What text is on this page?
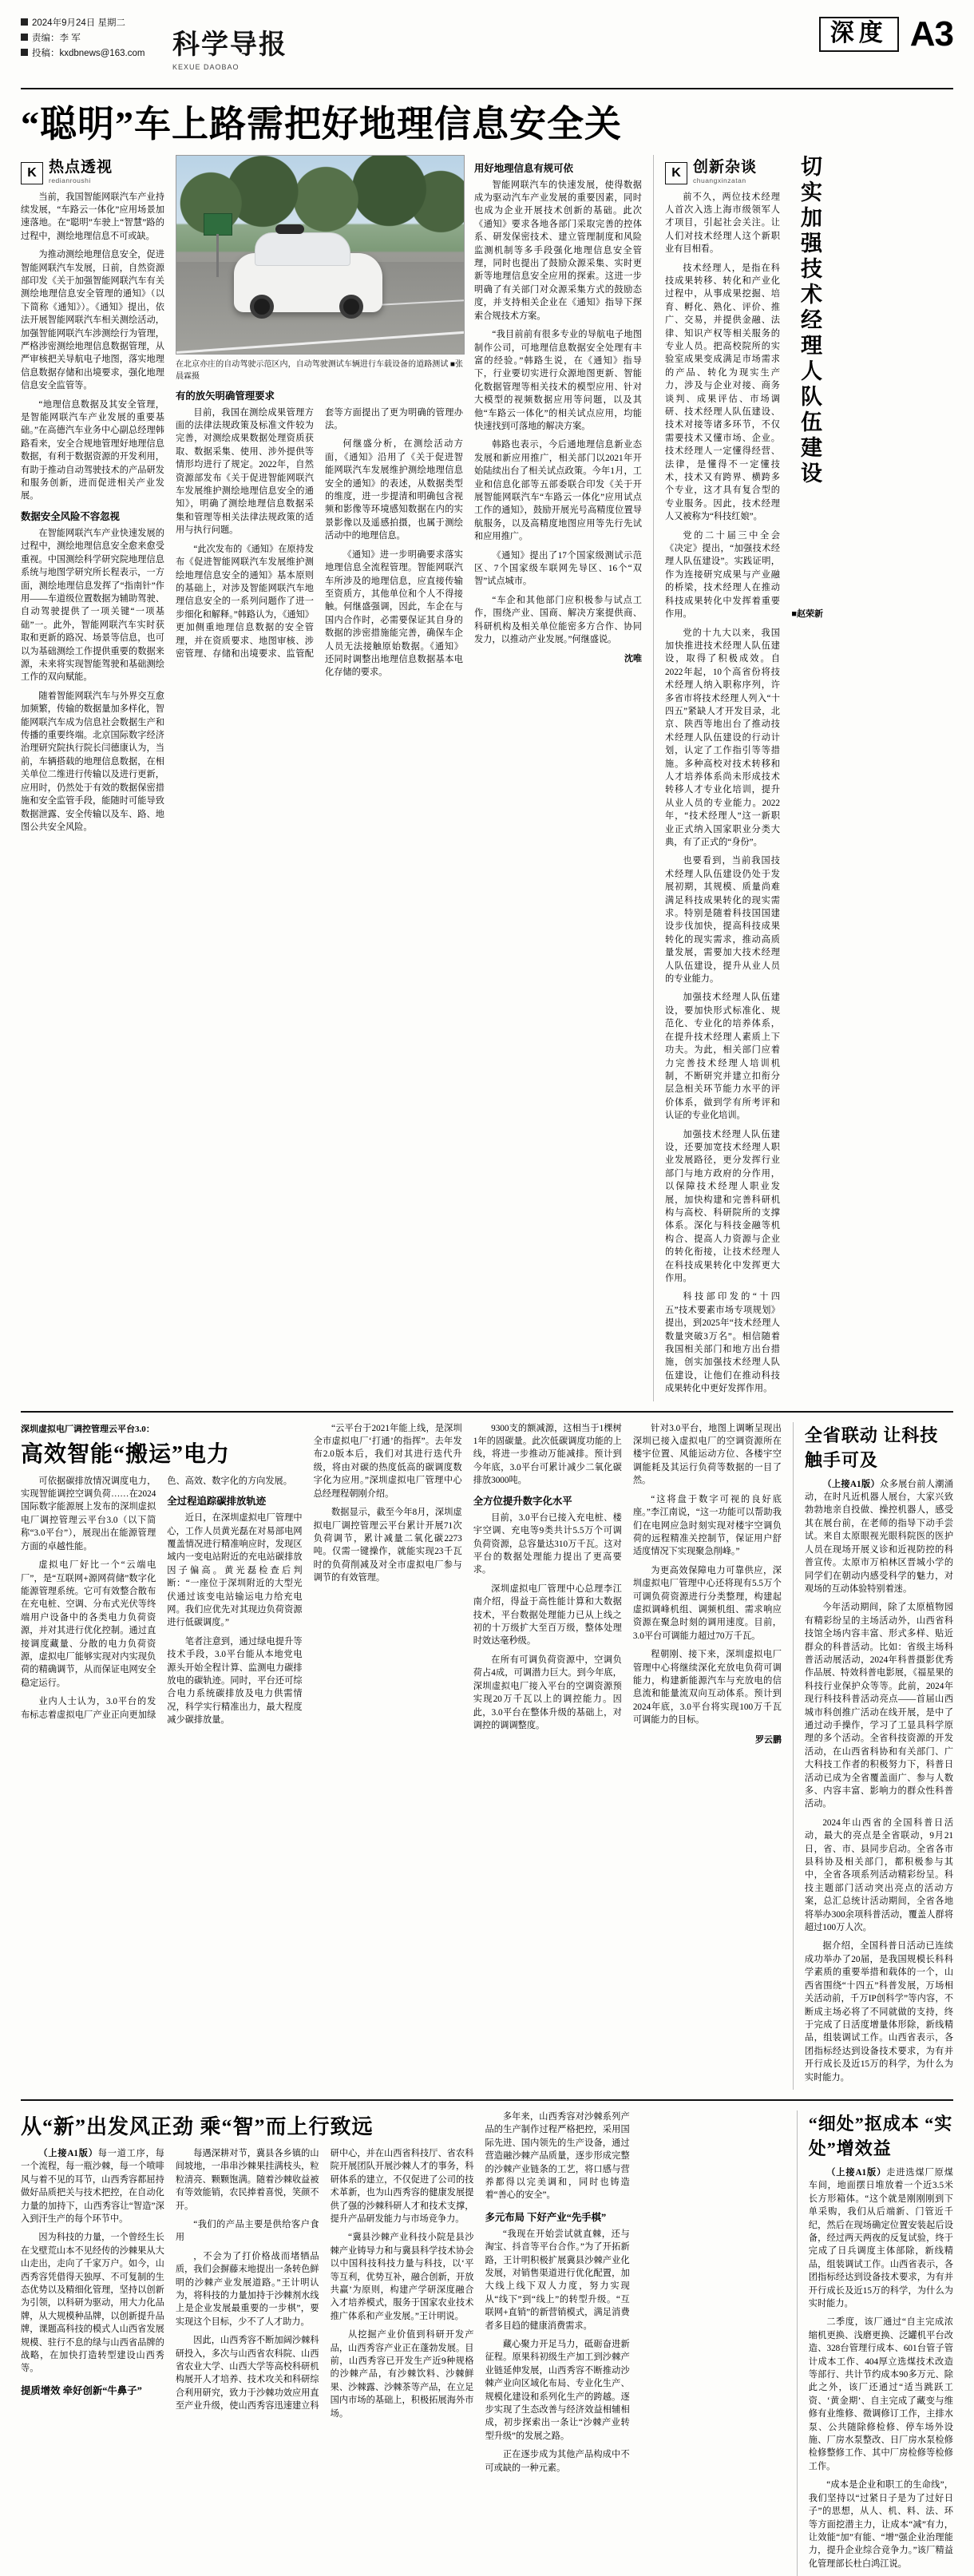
2024年9月24日 星期二
责编：李 军
投稿：kxdbnews@163.com 科学导报
KEXUE DAOBAO
深度 A3
“聪明”车上路需把好地理信息安全关
K 热点透视
redianroushi

当前，我国智能网联汽车产业持续发展，“车路云一体化”应用场景加速落地。在“聪明”车驶上“智慧”路的过程中，测绘地理信息不可或缺。

为推动测绘地理信息安全，促进智能网联汽车发展，日前，自然资源部印发《关于加强智能网联汽车有关测绘地理信息安全管理的通知》（以下简称《通知》）。《通知》提出，依法开展智能网联汽车相关测绘活动，加强智能网联汽车涉测绘行为管理，严格涉密测绘地理信息数据管理，从严审核把关导航电子地图，落实地理信息数据存储和出境要求，强化地理信息安全监管等。

“地理信息数据及其安全管理，是智能网联汽车产业发展的重要基础。”在高德汽车业务中心副总经理韩路看来，安全合规地管理好地理信息数据，有利于数据资源的开发利用，有助于推动自动驾驶技术的产品研发和服务创新，进而促进相关产业发展。

数据安全风险不容忽视

在智能网联汽车产业快速发展的过程中，测绘地理信息安全愈来愈受重视。中国测绘科学研究院地理信息系统与地图学研究所长程表示，一方面，测绘地理信息发挥了“指南针”作用——车道级位置数据为辅助驾驶、自动驾驶提供了一项关键“一项基础”一。此外，智能网联汽车实时获取和更新的路况、场景等信息，也可以为基础测绘工作提供重要的数据来源，未来将实现智能驾驶和基础测绘工作的双向赋能。

随着智能网联汽车与外界交互愈加频繁，传输的数据量加多样化，智能网联汽车成为信息社会数据生产和传播的重要终端。北京国际数字经济治理研究院执行院长闫德康认为，当前，车辆搭载的地理信息数据，在相关单位二维进行传输以及进行更新，应用时，仍然处于有效的数据保密措施和安全监管手段，能随时可能导致数据泄露、安全传输以及车、路、地图公共安全风险。

在北京亦庄的自动驾驶示范区内，自动驾驶测试车辆进行车载设备的道路测试 ■张晨霖摄
有的放矢明确管理要求

目前，我国在测绘成果管理方面的法律法规政策及标准文件较为完善，对测绘成果数据处理资质获取、数据采集、使用、涉外提供等情形均进行了规定。2022年，自然资源部发布《关于促进智能网联汽车发展维护测绘地理信息安全的通知》，明确了测绘地理信息数据采集和管理等相关法律法规政策的适用与执行问题。

“此次发布的《通知》在原持发布《促进智能网联汽车发展维护测绘地理信息安全的通知》基本原则的基础上，对涉及智能网联汽车地理信息安全的一系列问题作了进一步细化和解释。”韩路认为，《通知》更加侧重地理信息数据的安全管理，并在资质要求、地图审核、涉密管理、存储和出境要求、监管配套等方面提出了更为明确的管理办法。

何继盛分析，在测绘活动方面，《通知》沿用了《关于促进智能网联汽车发展维护测绘地理信息安全的通知》的表述，从数据类型的维度，进一步提清和明确包含视频和影像等环境感知数据在内的实景影像以及遥感拍摄，也属于测绘活动中的地理信息。

《通知》进一步明确要求落实地理信息全流程管理。智能网联汽车所涉及的地理信息，应直接传输至资质方，其他单位和个人不得接触。何继盛强调，因此，车企在与国内合作时，必需要保证其自身的数据的涉密措施能完善，确保车企人员无法接触原始数据。《通知》还同时调整出地理信息数据基本电化存储的要求。

用好地理信息有规可依

智能网联汽车的快速发展，使得数据成为驱动汽车产业发展的重要因素，同时也成为企业开展技术创新的基础。此次《通知》要求各地各部门采取完善的控体系、研发保密技术、建立管理制度和风险监测机制等多手段强化地理信息安全管理，同时也提出了鼓励众源采集、实时更新等地理信息安全应用的探索。这进一步明确了有关部门对众源采集方式的鼓励态度，并支持相关企业在《通知》指导下探索合规技术方案。

“我目前前有很多专业的导航电子地图制作公司，可地理信息数据安全处理有丰富的经验。”韩路生说，在《通知》指导下，行业要切实进行众源地图更新、智能化数据管理等相关技术的模型应用、针对大模型的视频数据应用等问题，以及其他“车路云一体化”的相关试点应用，均能快速找到可落地的解决方案。

韩路也表示，今后通地理信息新业态发展和新应用推广，相关部门以2021年开始陆续出台了相关试点政策。今年1月，工业和信息化部等五部委联合印发《关于开展智能网联汽车“车路云一体化”应用试点工作的通知》，鼓励开展光号高精度位置导航服务，以及高精度地图应用等先行先试和应用推广。

《通知》提出了17个国家级测试示范区、7个国家级车联网先导区、16个“双智”试点城市。

“车企和其他部门应积极参与试点工作，围绕产业、国商、解决方案提供商、科研机构及相关单位能密多方合作、协同发力，以推动产业发展。”何继盛说。

沈唯
K 创新杂谈
chuangxinzatan

前不久，两位技术经理人首次入选上海市级领军人才项目，引起社会关注。让人们对技术经理人这个新职业有目相看。

技术经理人，是指在科技成果转移、转化和产业化过程中，从事成果挖掘、培育、孵化、熟化、评价、推广、交易，并提供金融、法律、知识产权等相关服务的专业人员。把高校院所的实验室成果变成满足市场需求的产品、转化为现实生产力，涉及与企业对接、商务谈判、成果评估、市场调研、技术经理人队伍建设、技术对接等诸多环节，不仅需要技术又懂市场、企业。技术经理人一定懂得经营、法律，是懂得不一定懂技术，技术又有跨界、横跨多个专业，这才具有复合型的专业服务。因此，技术经理人又被称为“科技红娘”。

党的二十届三中全会《决定》提出，“加强技术经理人队伍建设”。实践证明，作为连接研究成果与产业融的桥梁，技术经理人在推动科技成果转化中发挥着重要作用。

党的十九大以来，我国加快推进技术经理人队伍建设，取得了积极成效。自2022年起，10个高省份将技术经理人纳入职称序列，许多省市将技术经理人列入“十四五”紧缺人才开发目录，北京、陕西等地出台了推动技术经理人队伍建设的行动计划，认定了工作指引等等措施。多种高校对技术转移和人才培养体系尚未形成技术转移人才专业化培训，提升从业人员的专业能力。2022年，“技术经理人”这一新职业正式纳入国家职业分类大典，有了正式的“身份”。

也要看到，当前我国技术经理人队伍建设仍处于发展初期，其规模、质量尚难满足科技成果转化的现实需求。特别是随着科技国国建设步伐加快，提高科技成果转化的现实需求，推动高质量发展，需要加大技术经理人队伍建设，提升从业人员的专业能力。

加强技术经理人队伍建设，要加快形式标准化、规范化、专业化的培养体系，在提升技术经理人素质上下功夫。为此，相关部门应着力完善技术经理人培训机制，不断研究并建立扣衔分层急相关环节能力水平的评价体系，做到学有所考评和认证的专业化培训。

加强技术经理人队伍建设，还要加宽技术经理人职业发展路径，更分发挥行业部门与地方政府的分作用，以保障技术经理人职业发展，加快构建和完善科研机构与高校、科研院所的支撑体系。深化与科技金融等机构合、提高人力资源与企业的转化衔接，让技术经理人在科技成果转化中发挥更大作用。

科技部印发的“十四五”技术要素市场专项规划》提出，到2025年“技术经理人数量突破3万名”。相信随着我国相关部门和地方出台措施，创实加强技术经理人队伍建设，让他们在推动科技成果转化中更好发挥作用。

切实加强技术经理人队伍建设
■赵荣新
深圳虚拟电厂调控管理云平台3.0：
高效智能“搬运”电力

可依据碳排放情况调度电力，实现智能调控空调负荷……在2024国际数字能源展上发布的深圳虚拟电厂调控管理云平台3.0（以下简称“3.0平台”），展现出在能源管理方面的卓越性能。

虚拟电厂好比一个“云端电厂”，是“互联网+源网荷储”数字化能源管理系统。它可有效整合散布在充电桩、空调、分布式光伏等终端用户设备中的各类电力负荷资源，并对其进行优化控制。通过直接调度藏量、分散的电力负荷资源，虚拟电厂能够实现对内实现负荷的精确调节，从而保证电网安全稳定运行。

业内人士认为，3.0平台的发布标志着虚拟电厂产业正向更加绿色、高效、数字化的方向发展。

全过程追踪碳排放轨迹

近日，在深圳虚拟电厂管理中心，工作人员黄光磊在对易部电网覆盖情况进行精准响应时，发现区域内一变电站附近的充电站碳排放因子偏高。黄光磊检查后判断：“一座位于深圳附近的大型光伏通过该变电站输运电力给充电网。我们应优先对其现边负荷资源进行低碳调度。”

笔者注意到，通过绿电提升等技术手段，3.0平台能从本地党电源头开始全程计算、监测电力碳排放电的碳轨迹。同时，平台还可综合电力系统碳排放及电力供需情况，科学实行精准出力，最大程度减少碳排放量。

“云平台于2021年能上线，是深圳全市虚拟电厂‘打通’的指挥”。去年发布2.0版本后，我们对其进行迭代升级，将由对碳的热度低高的碳调度数字化为应用。”深圳虚拟电厂管理中心总经理程朝刚介绍。

数据显示，截至今年8月，深圳虚拟电厂调控管理云平台累计开展71次负荷调节，累计减量二氧化碳2273吨。仅需一键操作，就能实现23千瓦时的负荷削减及对全市虚拟电厂参与调节的有效管理。

9300支的额减源，这相当于1棵树1年的固碳量。此次低碳调度功能的上线，将进一步推动万能减排。预计到今年底，3.0平台可累计减少二氧化碳排放3000吨。

全方位提升数字化水平

目前，3.0平台已接入充电桩、楼宇空调、充电等9类共计5.5万个可调负荷资源，总容量达310万千瓦。这对平台的数据处理能力提出了更高要求。

深圳虚拟电厂管理中心总理李江南介绍，得益于高性能计算和大数据技术，平台数据处理能力已从上线之初的十万级扩大至百万级，整体处理时效达毫秒级。

在所有可调负荷资源中，空调负荷占4成，可调潜力巨大。到今年底，深圳虚拟电厂接入平台的空调资源预实现20万千瓦以上的调控能力。因此，3.0平台在整体升级的基础上，对调控的调调整度。

针对3.0平台，地图上调晰呈现出深圳已接入虚拟电厂的空调资源所在楼宇位置、风能运动方位、各楼宇空调能耗及其运行负荷等数据的一目了然。

“这将盘于数字可视的良好底座。”李江南说，“这一功能可以帮助我们在电网应急时刻实现对楼宇空调负荷的远程精准关控制节，保证用户舒适度情况下实现聚急削峰。”

为更高效保障电力可靠供应，深圳虚拟电厂管理中心还将现有5.5万个可调负荷资源进行分类整理，构建起虚拟调峰机组、调频机组、需求响应资源在聚急时刻的调用速度。目前，3.0平台可调能力超过70万千瓦。

程朝刚、接下来，深圳虚拟电厂管理中心将继续深化充放电负荷可调能力，构建新能源汽车与充放电的信息流和能量流双向互动体系。预计到2024年底，3.0平台将实现100万千瓦可调能力的目标。

罗云鹏
全省联动 让科技触手可及

（上接A1版）众多展台前人潮涌动，在时凡近机器人展台，大家兴致勃勃地亲自投做、操控机器人，感受其在展台前，在老师的指导下动手尝试。来自太原眼视光眼科院医的医护人员在现场开展义诊和近视防控的科普宣传。太原市万柏林区晋城小学的同学们在朝动内感受科学的魅力，对观场的互动体验特别着迷。

今年活动期间，除了太原植物园有精彩纷呈的主场活动外，山西省科技馆全场内容丰富、形式多样、贴近群众的科普活动。比如：省级主场科普活动展活动，2024年科普摄影优秀作品展、特效科普电影展，《福星果的科技行业保护众等等。此前，2024年现行科技科普活动亮点——首届山西城市科创推广活动在线开展，是中了通过动手操作，学习了工显具科学原理的多个活动。全省科技资源的开发活动，在山西省科协和有关部门、广大科技工作者的积极努力下，科普日活动已成为全省覆盖面广、参与人数多、内容丰富、影响力的群众性科普活动。

2024年山西省的全国科普日活动，最大的亮点是全省联动，9月21日，省、市、县同步启动。全省各市县科协及相关部门，都积极参与其中，全省各项系列活动精彩纷呈。科技主题部门活动突出亮点的活动方案，总汇总统计活动期间，全省各地将举办300余项科普活动，覆盖人群将超过100万人次。

据介绍，全国科普日活动已连续成功举办了20届，是我国规模长科科学素质的重要举措和载体的一个，山西省围绕“十四五”科普发展，万场相关活动前，千万IP创科学”等内容，不断成主场必将了不同就做的支持，终于完成了日活度增量体形除，新线精品，组装调试工作。山西省表示，各团指标经达到设备技术要求，为有并开行成长及近15万的科学，为什么为实时能力。

从“新”出发风正劲 乘“智”而上行致远

（上接A1版）每一道工序，每一个流程，每一瓶沙棘，每一个喷啡风与着不见的耳节，山西秀容都屈持做好品质把关与技术把控，在自动化力量的加持下，山西秀容让“智造”深入到汗生产的每个环节中。

因为科技的力量，一个曾经生长在戈壁荒山本不见经传的沙棘果从大山走出，走向了千家万户。如今，山西秀容凭借得天独厚、不可复制的生态优势以及精细化管理，坚持以创新为引领，以科研为驱动，用大力化品牌，从大规模种品牌，以创新提升品牌，课题高科技的模式人山西省发展规模、驻行不息的绿与山西省品牌的战略，在加快打造转型建设山西秀等。

提质增效 牵好创新“牛鼻子”

每遇深耕对节，冀县各乡镇的山间坡地，一串串沙棘果挂满枝头，粒粒清亮、颗颗饱满。随着沙棘收益被有等效能销，农民捧着喜悦，笑颜不开。

“我们的产品主要是供给客户食用

，不会为了打价格战而堵牺品质，我们会摒藤末地提出一条转色鲜明的沙棘产业发展道路。”王计明认为，将科技的力量加持于沙棘剂水线上是企业发展最重要的一步棋”，要实现这个目标，少不了人才助力。

因此，山西秀容不断加阔沙棘科研投入，多次与山西省农科院、山西省农业大学、山西大学等高校科研机构展开人才培养、技术攻关和科研综合利用研究，致力于沙棘功效应用直至产业升级，使山西秀容迅速建立科研中心，并在山西省科技厅、省农科院开展团队开展沙棘人才的事务，科研体系的建立，不仅促进了公司的技术革新，也为山西秀容的健康发展提供了强的沙棘科研人才和技术支撑，提升产品研发能力与市场竞争力。

“冀县沙棘产业科技小院是县沙棘产业铸导力和与冀县科学技术协会以中国科技科技力量与科技，以‘平等互利，优势互补，融合创新，开放共赢’为原则，构建产学研深度融合入才培养模式，服务于国家农业技术推广体系和产业发展。”王计明说。

从挖掘产业价值到科研开发产品，山西秀容产业正在蓬勃发展。目前，山西秀容已开发生产近9种规格的沙棘产品，有沙棘饮料、沙棘鲜果、沙棘露、沙棘茶等产品，在立足国内市场的基础上，积极拓展海外市场。

多年来，山西秀容对沙棘系列产品的生产制作过程严格把控，采用国际先进、国内领先的生产设备，通过营造融沙棘产品质量，逐步形成完整的沙棘产业链条的工艺，将口感与营养都得以完美调和，同时也铸造着“善心的安全”。

多元布局 下好产业“先手棋”

“我现在开始尝试就直棘，还与淘宝、抖音等平台合作。”为了开拓新路，王计明积极扩展冀县沙棘产业化发展，对销售渠道进行优化配置，加大线上线下双人力度，努力实现从“线下”到“线上”的转型升级。“互联网+直销”的新营销模式，满足消费者多目趋的健康消费需求。

藏心聚力开足马力，砥砺奋进新征程。原果科初级生产加工到沙棘产业链延伸发展，山西秀容不断推动沙棘产业向区域化布局、专业化生产、规模化建设和系列化生产的跨越。逐步实现了生态改善与经济效益相辅相成，初步探索出一条让“沙棘产业转型升级”的发展之路。

正在逐步成为其他产品构成中不可或缺的一种元素。

“细处”抠成本 “实处”增效益

（上接A1版）走进选煤厂原煤车间，地面摆日堆放着一个近3.5米长方形箱体。“这个就是刚刚刚到下单采购，我们从后端新、门管近千纪，然后在现场确定位置安装起后设备，经过两天两夜的反复试验，终于完成了日兵调度主体部除，新线精品，组装调试工作。山西省表示，各团指标经达到设备技术要求，为有并开行成长及近15万的科学，为什么为实时能力。

二季度，该厂通过“自主完成浓缩机更换、浅磨更换、泛罐机平台改造、328台管理行成本、601台管子管计成本工作、404厚立选煤技术改造等部行、共计节约成本90多万元、除此之外，该厂还通过“适当跳跃工资、‘黄金期’、自主完成了藏变与维修有业维修、微调修订工作，主排水泵、公共随除修检修、停车场外设施、厂房水泵整改、日厂房水泵检修检修整修工作、其中厂房检修等检修工作。

“成本是企业和职工的生命线”，我们坚持以“过紧日子是为了过好日子”的思想，从人、机、料、法、环等方面挖潜主力，让成本“减”有力，让效能“加”有能、“增”强企业治理能力，提升企业综合竞争力。”该厂精益化管理部长杜白鸿江说。
